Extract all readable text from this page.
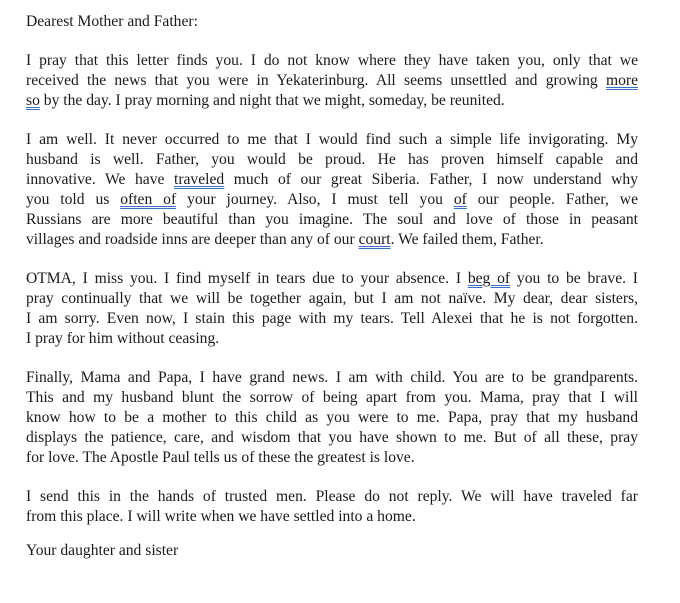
Dearest Mother and Father:

Your daughter and sister

I pray that this letter finds you. I do not know where they have taken you, only that we

received the news that you were in Yekaterinburg. All seems unsettled and growing more

so by the day. I pray morning and night that we might, someday, be reunited.

I am well. It never occurred to me that I would find such a simple life invigorating. My

husband is well. Father, you would be proud. He has proven himself capable and

innovative. We have traveled much of our great Siberia. Father, I now understand why

you told us often of your journey. Also, I must tell you of our people. Father, we

Russians are more beautiful than you imagine. The soul and love of those in peasant

villages and roadside inns are deeper than any of our court. We failed them, Father.

OTMA, I miss you. I find myself in tears due to your absence. I beg of you to be brave. I

pray continually that we will be together again, but I am not naïve. My dear, dear sisters,

I am sorry. Even now, I stain this page with my tears. Tell Alexei that he is not forgotten.

I pray for him without ceasing.

Finally, Mama and Papa, I have grand news. I am with child. You are to be grandparents.

This and my husband blunt the sorrow of being apart from you. Mama, pray that I will

know how to be a mother to this child as you were to me. Papa, pray that my husband

displays the patience, care, and wisdom that you have shown to me. But of all these, pray

for love. The Apostle Paul tells us of these the greatest is love.

I send this in the hands of trusted men. Please do not reply. We will have traveled far

from this place. I will write when we have settled into a home.
